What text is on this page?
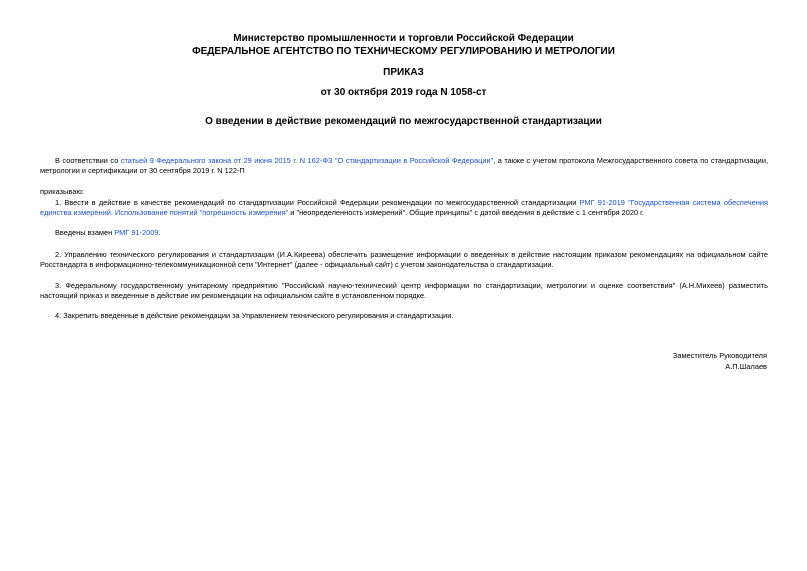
Министерство промышленности и торговли Российской Федерации
ФЕДЕРАЛЬНОЕ АГЕНТСТВО ПО ТЕХНИЧЕСКОМУ РЕГУЛИРОВАНИЮ И МЕТРОЛОГИИ
ПРИКАЗ
от 30 октября 2019 года N 1058-ст
О введении в действие рекомендаций по межгосударственной стандартизации
В соответствии со статьей 9 Федерального закона от 29 июня 2015 г. N 162-ФЗ "О стандартизации в Российской Федерации", а также с учетом протокола Межгосударственного совета по стандартизации, метрологии и сертификации от 30 сентября 2019 г. N 122-П
приказываю:
1. Ввести в действие в качестве рекомендаций по стандартизации Российской Федерации рекомендации по межгосударственной стандартизации РМГ 91-2019 "Государственная система обеспечения единства измерений. Использование понятий "погрешность измерения" и "неопределенность измерений". Общие принципы" с датой введения в действие с 1 сентября 2020 г.
Введены взамен РМГ 91-2009.
2. Управлению технического регулирования и стандартизации (И.А.Киреева) обеспечить размещение информации о введенных в действие настоящим приказом рекомендациях на официальном сайте Росстандарта в информационно-телекоммуникационной сети "Интернет" (далее - официальный сайт) с учетом законодательства о стандартизации.
3. Федеральному государственному унитарному предприятию "Российский научно-технический центр информации по стандартизации, метрологии и оценке соответствия" (А.Н.Михеев) разместить настоящий приказ и введенные в действие им рекомендации на официальном сайте в установленном порядке.
4. Закрепить введенные в действие рекомендации за Управлением технического регулирования и стандартизации.
Заместитель Руководителя
А.П.Шалаев
